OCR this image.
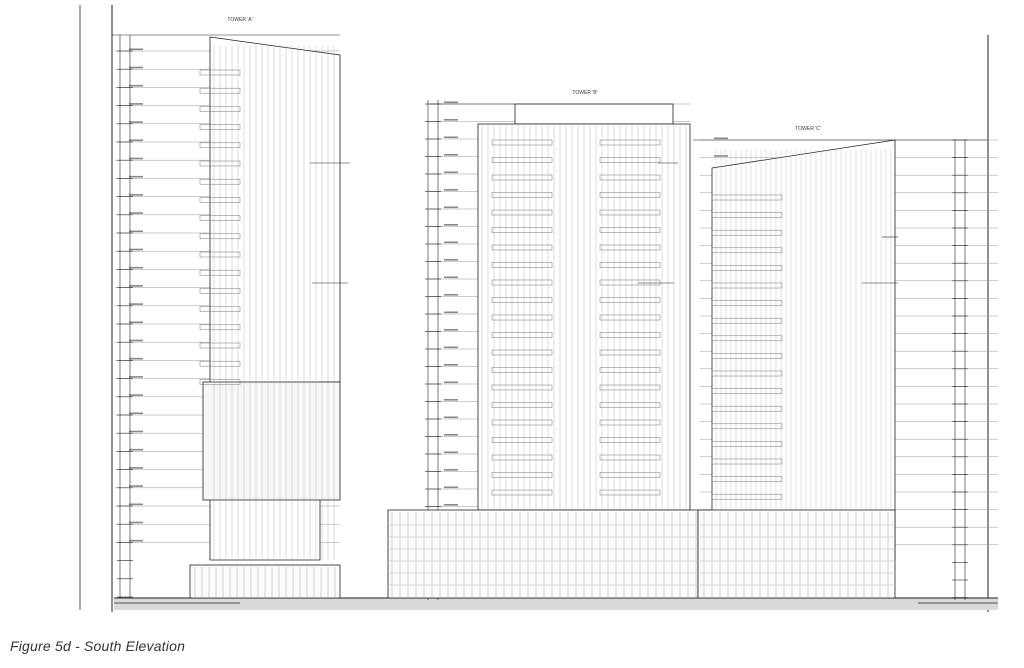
TOWER 'A'
TOWER 'B'
TOWER 'C'
Figure 5d - South Elevation
